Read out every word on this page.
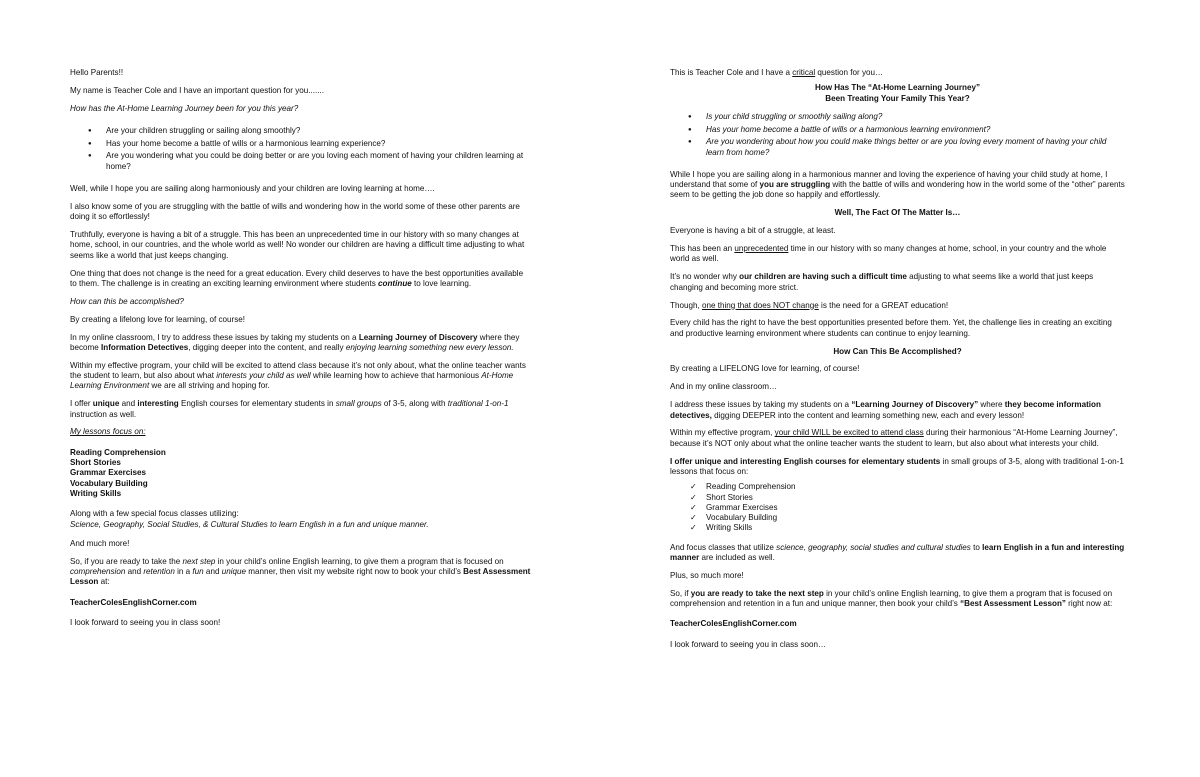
Hello Parents!!

My name is Teacher Cole and I have an important question for you.......

How has the At-Home Learning Journey been for you this year?

● Are your children struggling or sailing along smoothly?
● Has your home become a battle of wills or a harmonious learning experience?
● Are you wondering what you could be doing better or are you loving each moment of having your children learning at home?

Well, while I hope you are sailing along harmoniously and your children are loving learning at home….

I also know some of you are struggling with the battle of wills and wondering how in the world some of these other parents are doing it so effortlessly!

Truthfully, everyone is having a bit of a struggle. This has been an unprecedented time in our history with so many changes at home, school, in our countries, and the whole world as well! No wonder our children are having a difficult time adjusting to what seems like a world that just keeps changing.

One thing that does not change is the need for a great education. Every child deserves to have the best opportunities available to them. The challenge is in creating an exciting learning environment where students continue to love learning.

How can this be accomplished?

By creating a lifelong love for learning, of course!

In my online classroom, I try to address these issues by taking my students on a Learning Journey of Discovery where they become Information Detectives, digging deeper into the content, and really enjoying learning something new every lesson.

Within my effective program, your child will be excited to attend class because it’s not only about, what the online teacher wants the student to learn, but also about what interests your child as well while learning how to achieve that harmonious At-Home Learning Environment we are all striving and hoping for.

I offer unique and interesting English courses for elementary students in small groups of 3-5, along with traditional 1-on-1 instruction as well.

My lessons focus on:

Reading Comprehension
Short Stories
Grammar Exercises
Vocabulary Building
Writing Skills
Along with a few special focus classes utilizing:
Science, Geography, Social Studies, & Cultural Studies to learn English in a fun and unique manner.

And much more!

So, if you are ready to take the next step in your child’s online English learning, to give them a program that is focused on comprehension and retention in a fun and unique manner, then visit my website right now to book your child’s Best Assessment Lesson at:

TeacherColesEnglishCorner.com

I look forward to seeing you in class soon!

This is Teacher Cole and I have a critical question for you…

How Has The “At-Home Learning Journey”
Been Treating Your Family This Year?
● Is your child struggling or smoothly sailing along?
● Has your home become a battle of wills or a harmonious learning environment?
● Are you wondering about how you could make things better or are you loving every moment of having your child learn from home?

While I hope you are sailing along in a harmonious manner and loving the experience of having your child study at home, I understand that some of you are struggling with the battle of wills and wondering how in the world some of the “other” parents seem to be getting the job done so happily and effortlessly.

Well, The Fact Of The Matter Is…

Everyone is having a bit of a struggle, at least.

This has been an unprecedented time in our history with so many changes at home, school, in your country and the whole world as well.

It’s no wonder why our children are having such a difficult time adjusting to what seems like a world that just keeps changing and becoming more strict.

Though, one thing that does NOT change is the need for a GREAT education!

Every child has the right to have the best opportunities presented before them. Yet, the challenge lies in creating an exciting and productive learning environment where students can continue to enjoy learning.

How Can This Be Accomplished?

By creating a LIFELONG love for learning, of course!

And in my online classroom…

I address these issues by taking my students on a “Learning Journey of Discovery” where they become information detectives, digging DEEPER into the content and learning something new, each and every lesson!

Within my effective program, your child WILL be excited to attend class during their harmonious “At-Home Learning Journey”, because it’s NOT only about what the online teacher wants the student to learn, but also about what interests your child.

I offer unique and interesting English courses for elementary students in small groups of 3-5, along with traditional 1-on-1 lessons that focus on:

✓ Reading Comprehension
✓ Short Stories
✓ Grammar Exercises
✓ Vocabulary Building
✓ Writing Skills

And focus classes that utilize science, geography, social studies and cultural studies to learn English in a fun and interesting manner are included as well.

Plus, so much more!

So, if you are ready to take the next step in your child’s online English learning, to give them a program that is focused on comprehension and retention in a fun and unique manner, then book your child’s “Best Assessment Lesson” right now at:

TeacherColesEnglishCorner.com

I look forward to seeing you in class soon…
